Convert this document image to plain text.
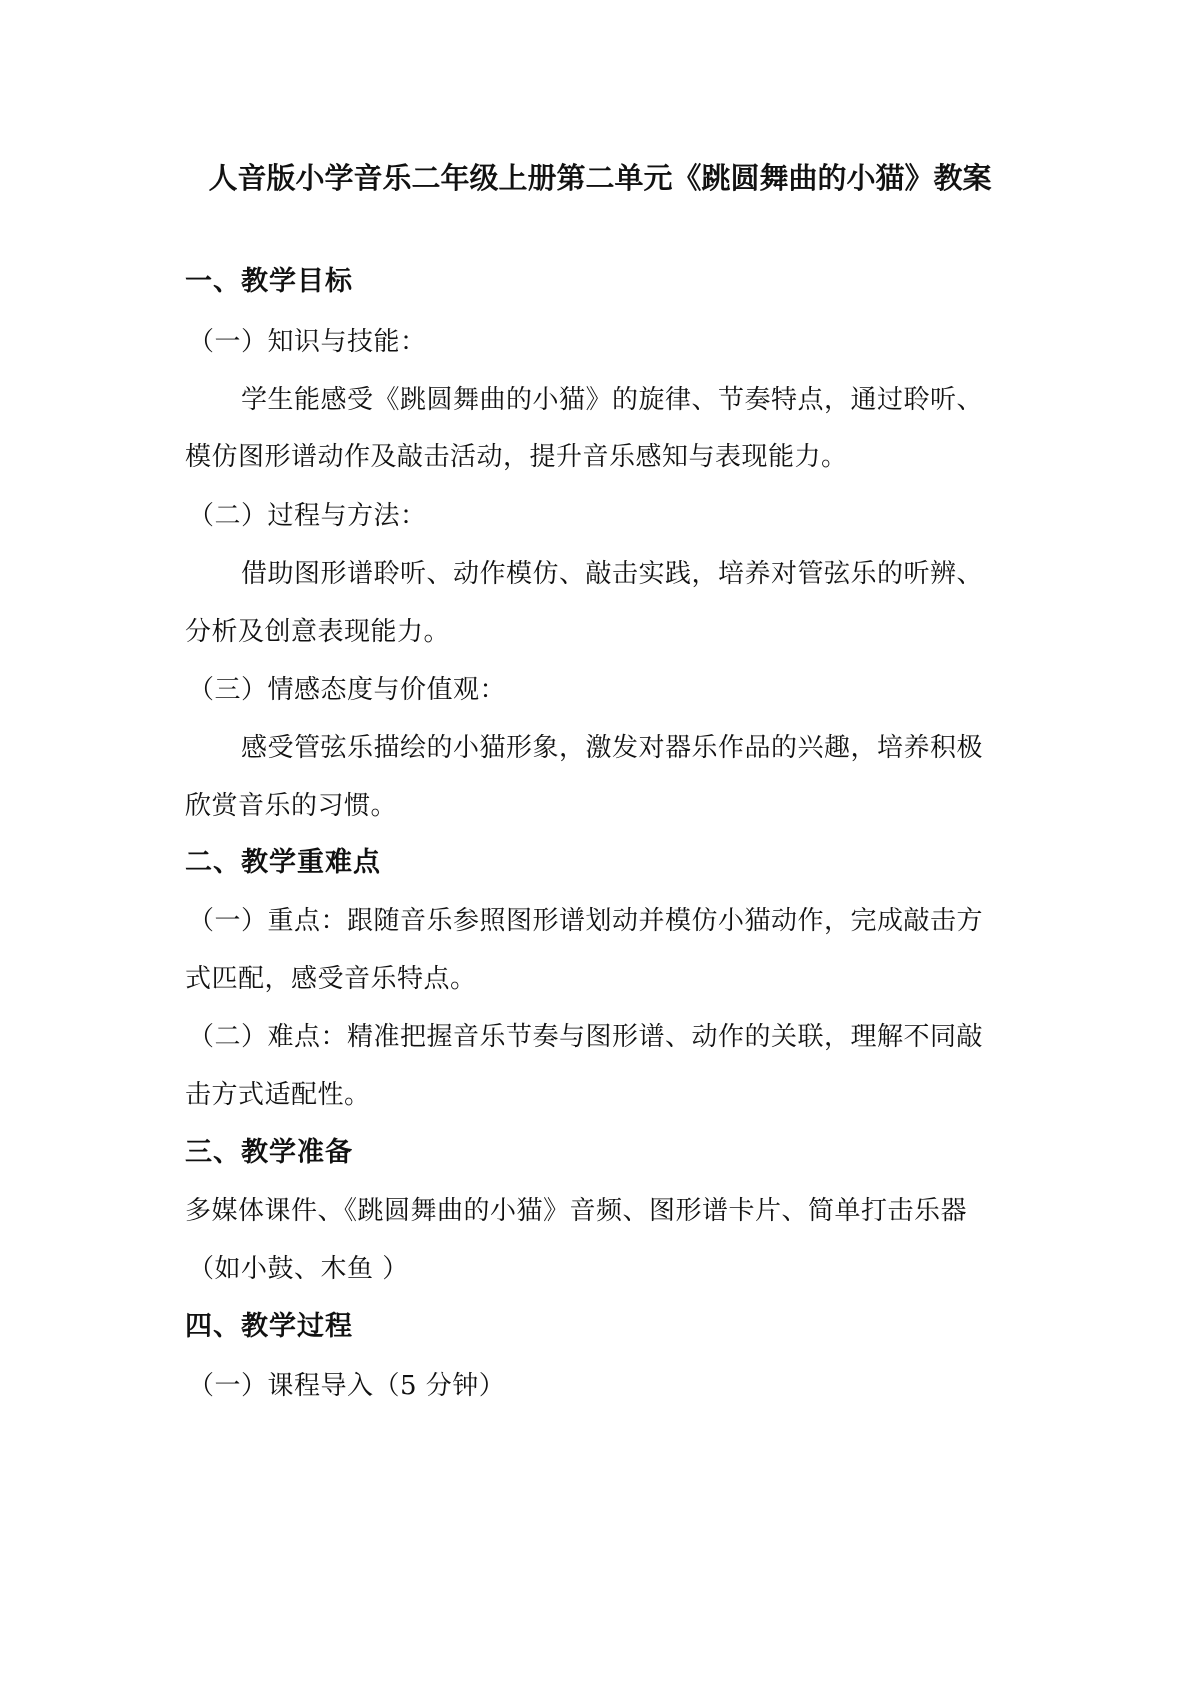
人音版小学音乐二年级上册第二单元《跳圆舞曲的小猫》教案
一、教学目标
（一）知识与技能：
学生能感受《跳圆舞曲的小猫》的旋律、节奏特点，通过聆听、
模仿图形谱动作及敲击活动，提升音乐感知与表现能力。
（二）过程与方法：
借助图形谱聆听、动作模仿、敲击实践，培养对管弦乐的听辨、
分析及创意表现能力。
（三）情感态度与价值观：
感受管弦乐描绘的小猫形象，激发对器乐作品的兴趣，培养积极
欣赏音乐的习惯。
二、教学重难点
（一）重点：跟随音乐参照图形谱划动并模仿小猫动作，完成敲击方
式匹配，感受音乐特点。
（二）难点：精准把握音乐节奏与图形谱、动作的关联，理解不同敲
击方式适配性。
三、教学准备
多媒体课件、《跳圆舞曲的小猫》音频、图形谱卡片、简单打击乐器
（如小鼓、木鱼 ）
四、教学过程
（一）课程导入（5 分钟）
